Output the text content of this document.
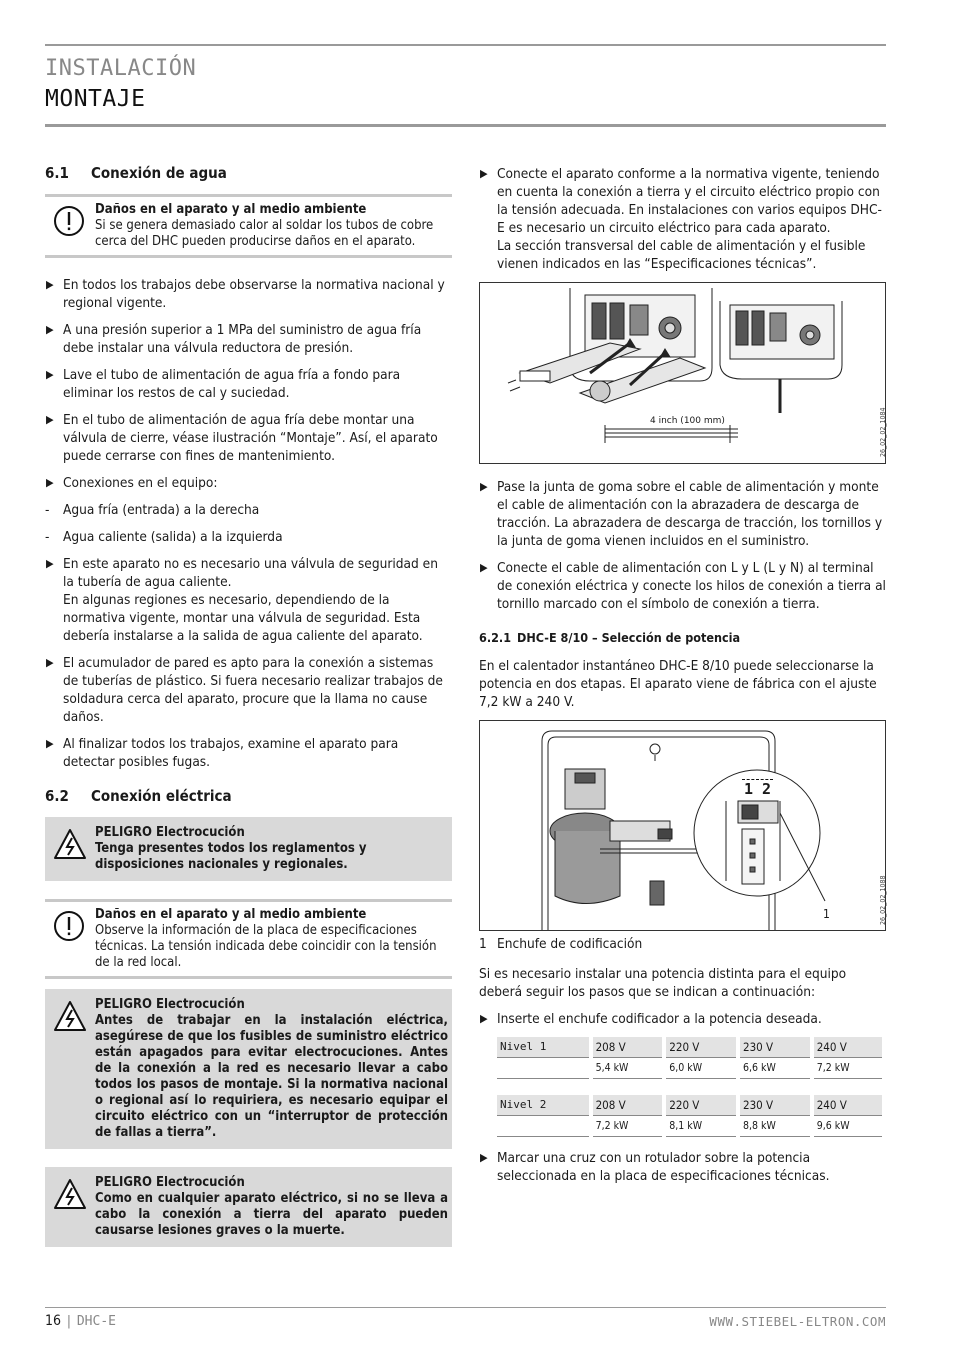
INSTALACIÓN
MONTAJE
6.1 Conexión de agua
Daños en el aparato y al medio ambiente
Si se genera demasiado calor al soldar los tubos de cobre cerca del DHC pueden producirse daños en el aparato.
▶ En todos los trabajos debe observarse la normativa nacional y regional vigente.
▶ A una presión superior a 1 MPa del suministro de agua fría debe instalar una válvula reductora de presión.
▶ Lave el tubo de alimentación de agua fría a fondo para eliminar los restos de cal y suciedad.
▶ En el tubo de alimentación de agua fría debe montar una válvula de cierre, véase ilustración “Montaje”. Así, el aparato puede cerrarse con fines de mantenimiento.
▶ Conexiones en el equipo:
- Agua fría (entrada) a la derecha
- Agua caliente (salida) a la izquierda
▶ En este aparato no es necesario una válvula de seguridad en la tubería de agua caliente.
En algunas regiones es necesario, dependiendo de la normativa vigente, montar una válvula de seguridad. Esta debería instalarse a la salida de agua caliente del aparato.
▶ El acumulador de pared es apto para la conexión a sistemas de tuberías de plástico. Si fuera necesario realizar trabajos de soldadura cerca del aparato, procure que la llama no cause daños.
▶ Al finalizar todos los trabajos, examine el aparato para detectar posibles fugas.
6.2 Conexión eléctrica
PELIGRO Electrocución
Tenga presentes todos los reglamentos y disposiciones nacionales y regionales.
Daños en el aparato y al medio ambiente
Observe la información de la placa de especificaciones técnicas. La tensión indicada debe coincidir con la tensión de la red local.
PELIGRO Electrocución
Antes de trabajar en la instalación eléctrica, asegúrese de que los fusibles de suministro eléctrico están apagados para evitar electrocuciones. Antes de la conexión a la red es necesario llevar a cabo todos los pasos de montaje. Si la normativa nacional o regional así lo requiriera, es necesario equipar el circuito eléctrico con un “interruptor de protección de fallas a tierra”.
PELIGRO Electrocución
Como en cualquier aparato eléctrico, si no se lleva a cabo la conexión a tierra del aparato pueden causarse lesiones graves o la muerte.
▶ Conecte el aparato conforme a la normativa vigente, teniendo en cuenta la conexión a tierra y el circuito eléctrico propio con la tensión adecuada. En instalaciones con varios equipos DHC-E es necesario un circuito eléctrico para cada aparato.
La sección transversal del cable de alimentación y el fusible vienen indicados en las “Especificaciones técnicas”.
4 inch (100 mm)	26_02_02_1084
▶ Pase la junta de goma sobre el cable de alimentación y monte el cable de alimentación con la abrazadera de descarga de tracción. La abrazadera de descarga de tracción, los tornillos y la junta de goma vienen incluidos en el suministro.
▶ Conecte el cable de alimentación con L y L (L y N) al terminal de conexión eléctrica y conecte los hilos de conexión a tierra al tornillo marcado con el símbolo de conexión a tierra.
6.2.1 DHC-E 8/10 – Selección de potencia
En el calentador instantáneo DHC-E 8/10 puede seleccionarse la potencia en dos etapas. El aparato viene de fábrica con el ajuste 7,2 kW a 240 V.
1 2
1	26_02_02_1088
1 Enchufe de codificación
Si es necesario instalar una potencia distinta para el equipo deberá seguir los pasos que se indican a continuación:
▶ Inserte el enchufe codificador a la potencia deseada.
Nivel 1	208 V	220 V	230 V	240 V
	5,4 kW	6,0 kW	6,6 kW	7,2 kW

Nivel 2	208 V	220 V	230 V	240 V
	7,2 kW	8,1 kW	8,8 kW	9,6 kW
▶ Marcar una cruz con un rotulador sobre la potencia seleccionada en la placa de especificaciones técnicas.
16 | DHC-E	WWW.STIEBEL-ELTRON.COM
